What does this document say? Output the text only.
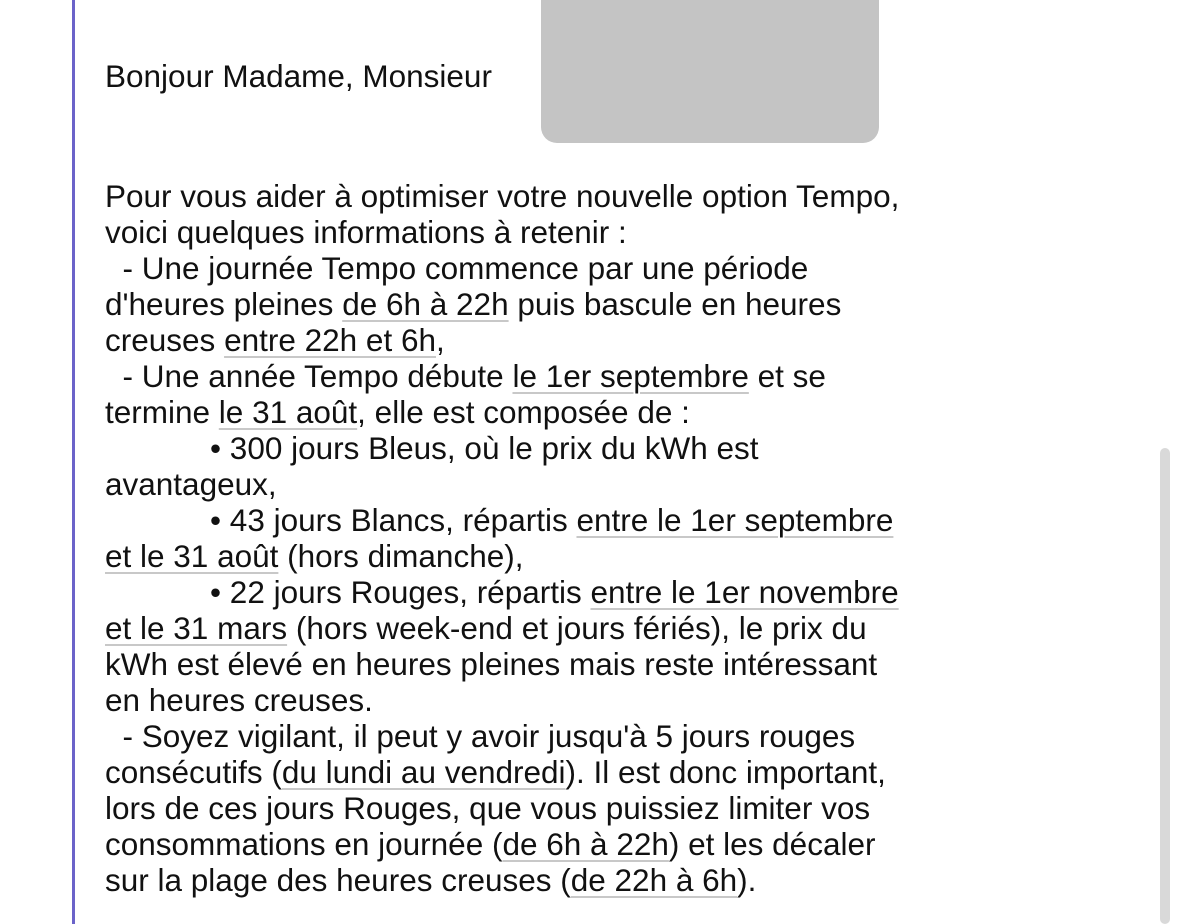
Bonjour Madame, Monsieur
Pour vous aider à optimiser votre nouvelle option Tempo,
voici quelques informations à retenir :
- Une journée Tempo commence par une période
d'heures pleines de 6h à 22h puis bascule en heures
creuses entre 22h et 6h,
- Une année Tempo débute le 1er septembre et se
termine le 31 août, elle est composée de :
• 300 jours Bleus, où le prix du kWh est
avantageux,
• 43 jours Blancs, répartis entre le 1er septembre
et le 31 août (hors dimanche),
• 22 jours Rouges, répartis entre le 1er novembre
et le 31 mars (hors week-end et jours fériés), le prix du
kWh est élevé en heures pleines mais reste intéressant
en heures creuses.
- Soyez vigilant, il peut y avoir jusqu'à 5 jours rouges
consécutifs (du lundi au vendredi). Il est donc important,
lors de ces jours Rouges, que vous puissiez limiter vos
consommations en journée (de 6h à 22h) et les décaler
sur la plage des heures creuses (de 22h à 6h).
